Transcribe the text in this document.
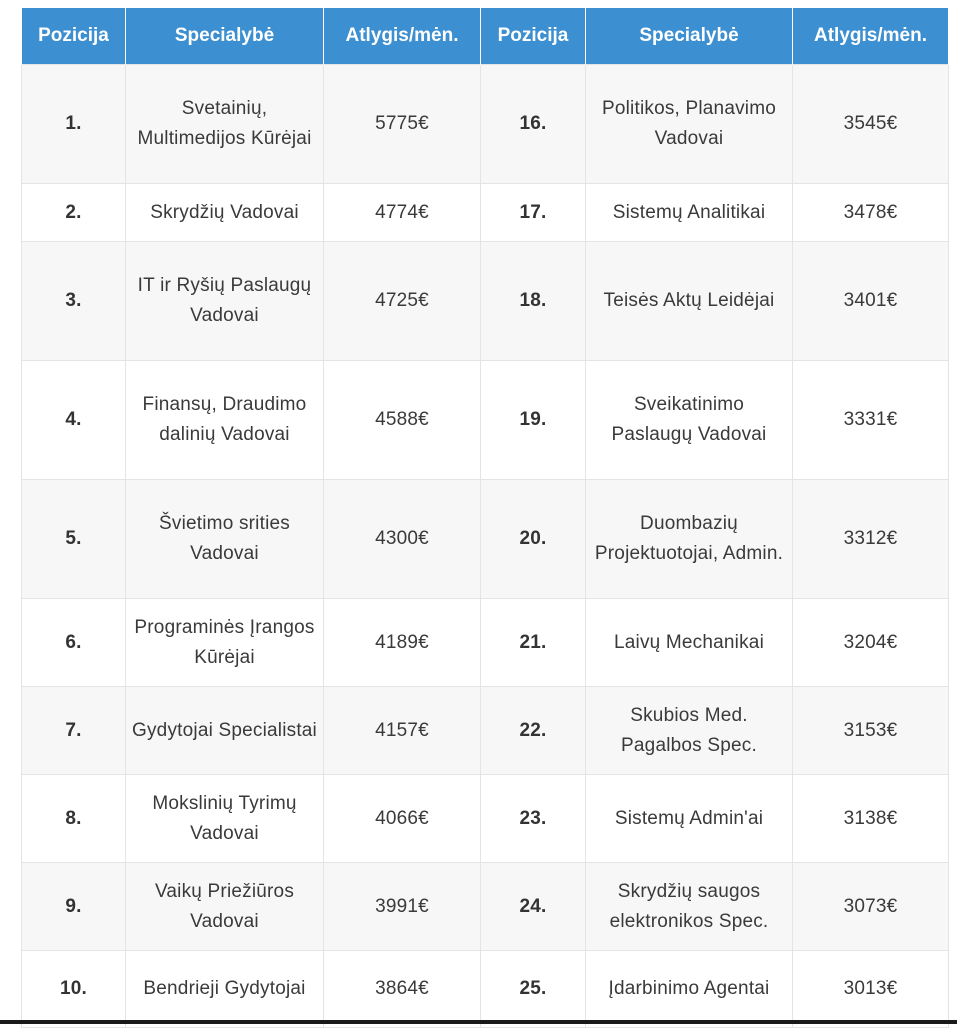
Pozicija	Specialybė	Atlygis/mėn.	Pozicija	Specialybė	Atlygis/mėn.
1.	Svetainių, Multimedijos Kūrėjai	5775€	16.	Politikos, Planavimo Vadovai	3545€
2.	Skrydžių Vadovai	4774€	17.	Sistemų Analitikai	3478€
3.	IT ir Ryšių Paslaugų Vadovai	4725€	18.	Teisės Aktų Leidėjai	3401€
4.	Finansų, Draudimo dalinių Vadovai	4588€	19.	Sveikatinimo Paslaugų Vadovai	3331€
5.	Švietimo srities Vadovai	4300€	20.	Duombazių Projektuotojai, Admin.	3312€
6.	Programinės Įrangos Kūrėjai	4189€	21.	Laivų Mechanikai	3204€
7.	Gydytojai Specialistai	4157€	22.	Skubios Med. Pagalbos Spec.	3153€
8.	Mokslinių Tyrimų Vadovai	4066€	23.	Sistemų Admin'ai	3138€
9.	Vaikų Priežiūros Vadovai	3991€	24.	Skrydžių saugos elektronikos Spec.	3073€
10.	Bendrieji Gydytojai	3864€	25.	Įdarbinimo Agentai	3013€
